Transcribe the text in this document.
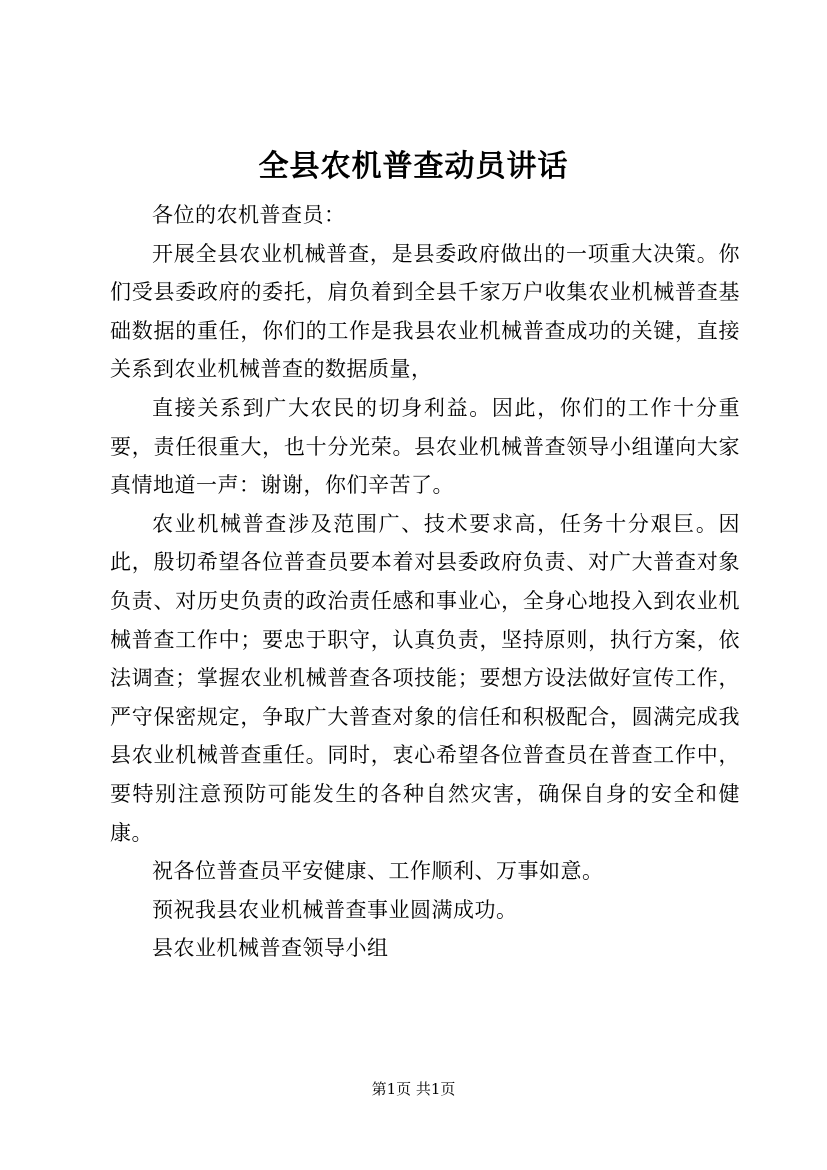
全县农机普查动员讲话

各位的农机普查员：

开展全县农业机械普查，是县委政府做出的一项重大决策。你们受县委政府的委托，肩负着到全县千家万户收集农业机械普查基础数据的重任，你们的工作是我县农业机械普查成功的关键，直接关系到农业机械普查的数据质量，

直接关系到广大农民的切身利益。因此，你们的工作十分重要，责任很重大，也十分光荣。县农业机械普查领导小组谨向大家真情地道一声：谢谢，你们辛苦了。

农业机械普查涉及范围广、技术要求高，任务十分艰巨。因此，殷切希望各位普查员要本着对县委政府负责、对广大普查对象负责、对历史负责的政治责任感和事业心，全身心地投入到农业机械普查工作中；要忠于职守，认真负责，坚持原则，执行方案，依法调查；掌握农业机械普查各项技能；要想方设法做好宣传工作，严守保密规定，争取广大普查对象的信任和积极配合，圆满完成我县农业机械普查重任。同时，衷心希望各位普查员在普查工作中，要特别注意预防可能发生的各种自然灾害，确保自身的安全和健康。

祝各位普查员平安健康、工作顺利、万事如意。

预祝我县农业机械普查事业圆满成功。

县农业机械普查领导小组

第1页 共1页
